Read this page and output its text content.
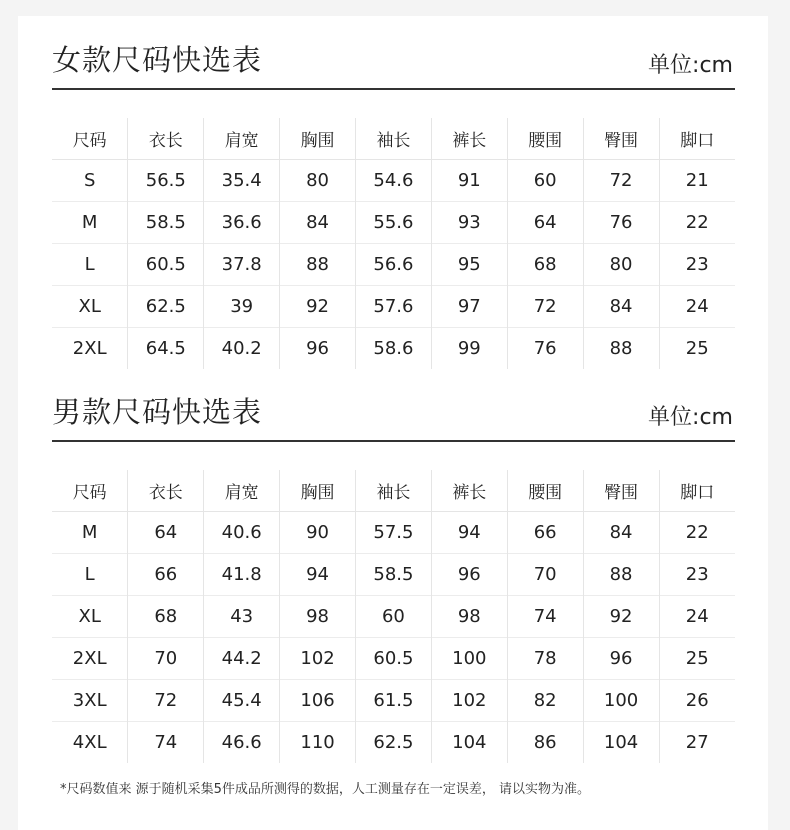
女款尺码快选表	单位:cm
尺码	衣长	肩宽	胸围	袖长	裤长	腰围	臀围	脚口
S	56.5	35.4	80	54.6	91	60	72	21
M	58.5	36.6	84	55.6	93	64	76	22
L	60.5	37.8	88	56.6	95	68	80	23
XL	62.5	39	92	57.6	97	72	84	24
2XL	64.5	40.2	96	58.6	99	76	88	25
男款尺码快选表	单位:cm
尺码	衣长	肩宽	胸围	袖长	裤长	腰围	臀围	脚口
M	64	40.6	90	57.5	94	66	84	22
L	66	41.8	94	58.5	96	70	88	23
XL	68	43	98	60	98	74	92	24
2XL	70	44.2	102	60.5	100	78	96	25
3XL	72	45.4	106	61.5	102	82	100	26
4XL	74	46.6	110	62.5	104	86	104	27
*尺码数值来 源于随机采集5件成品所测得的数据，人工测量存在一定误差， 请以实物为准。
